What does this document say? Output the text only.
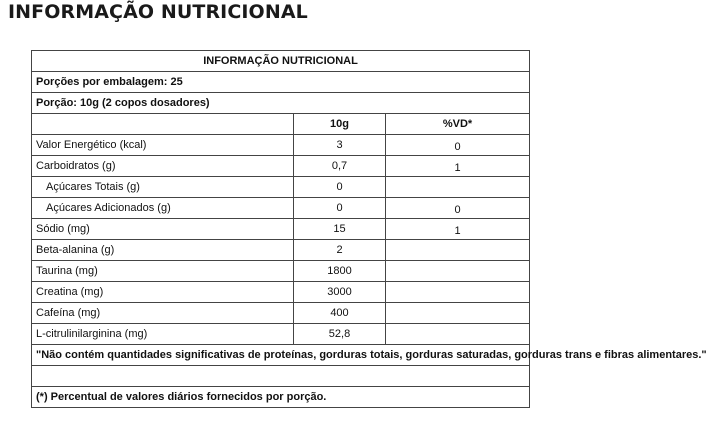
INFORMAÇÃO NUTRICIONAL
INFORMAÇÃO NUTRICIONAL		
Porções por embalagem: 25		
Porção: 10g (2 copos dosadores)		
	10g	%VD*
Valor Energético (kcal)	3	0
Carboidratos (g)	0,7	1
Açúcares Totais (g)	0	
Açúcares Adicionados (g)	0	0
Sódio (mg)	15	1
Beta-alanina (g)	2	
Taurina (mg)	1800	
Creatina (mg)	3000	
Cafeína (mg)	400	
L-citrulinilarginina (mg)	52,8	
"Não contém quantidades significativas de proteínas, gorduras totais, gorduras saturadas, gorduras trans e fibras alimentares."		

(*) Percentual de valores diários fornecidos por porção.		
